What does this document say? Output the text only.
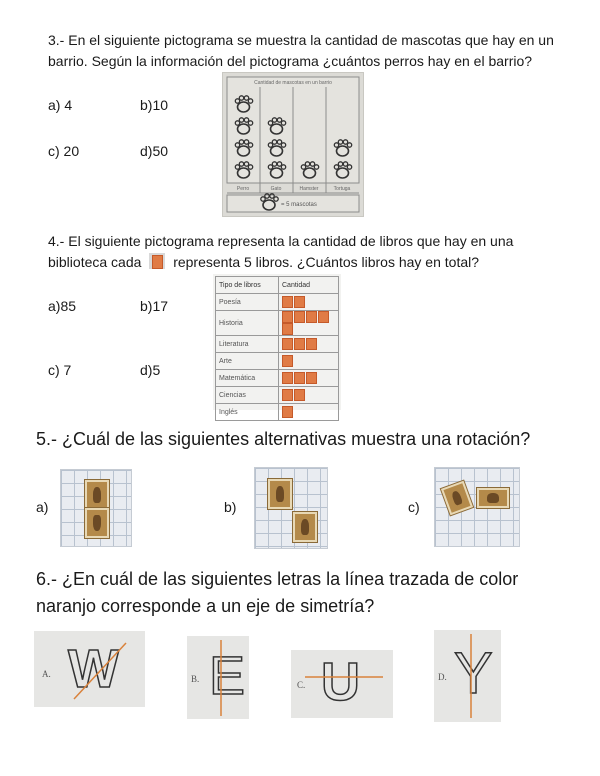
3.- En el siguiente pictograma se muestra la cantidad de mascotas que hay en un
barrio. Según la información del pictograma ¿cuántos perros hay en el barrio?
a) 4	b)10
c) 20	d)50
Cantidad de mascotas en un barrio
Perro	Gato	Hamster	Tortuga
= 5 mascotas
4.- El siguiente pictograma representa la cantidad de libros que hay en una
biblioteca cada representa 5 libros. ¿Cuántos libros hay en total?
a)85	b)17
c) 7	d)5
Tipo de libros	Cantidad
Poesía	
Historia	
Literatura	
Arte	
Matemática	
Ciencias	
Inglés	
5.- ¿Cuál de las siguientes alternativas muestra una rotación?
a)	b)	c)
6.- ¿En cuál de las siguientes letras la línea trazada de color
naranjo corresponde a un eje de simetría?
A. W	B. E	C. U	D. Y
